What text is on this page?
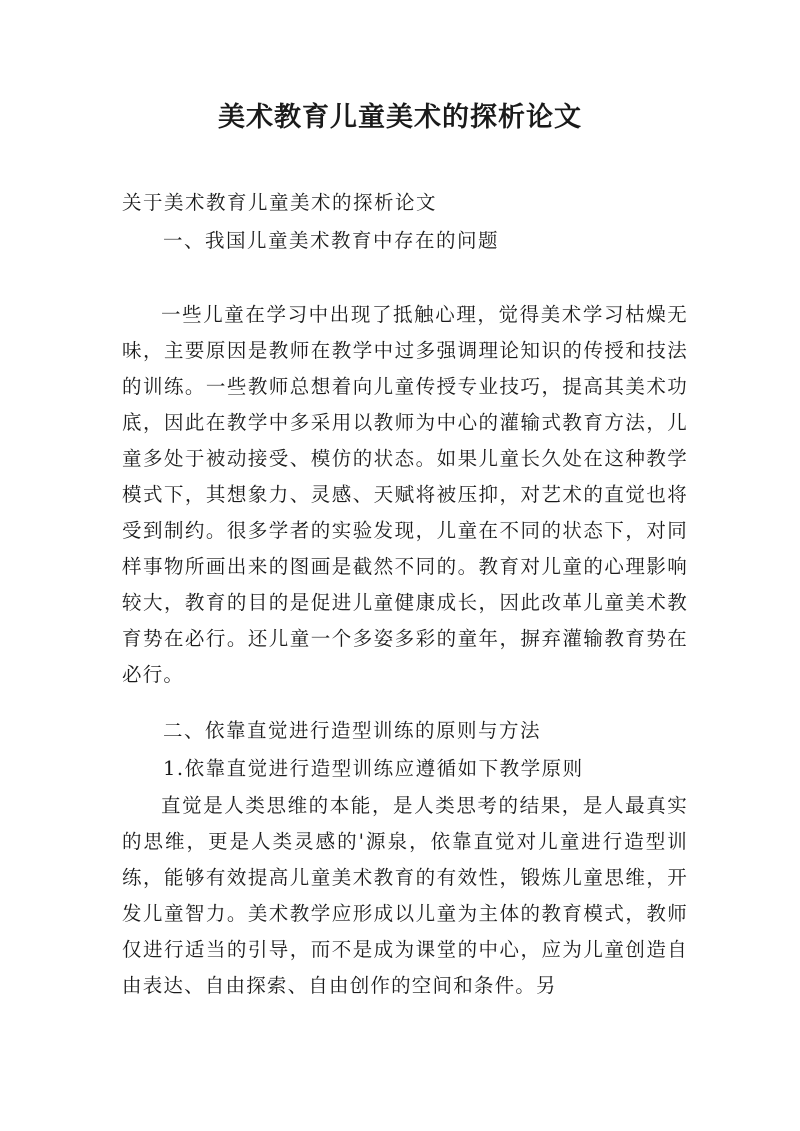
美术教育儿童美术的探析论文

关于美术教育儿童美术的探析论文

一、我国儿童美术教育中存在的问题

一些儿童在学习中出现了抵触心理，觉得美术学习枯燥无味，主要原因是教师在教学中过多强调理论知识的传授和技法的训练。一些教师总想着向儿童传授专业技巧，提高其美术功底，因此在教学中多采用以教师为中心的灌输式教育方法，儿童多处于被动接受、模仿的状态。如果儿童长久处在这种教学模式下，其想象力、灵感、天赋将被压抑，对艺术的直觉也将受到制约。很多学者的实验发现，儿童在不同的状态下，对同样事物所画出来的图画是截然不同的。教育对儿童的心理影响较大，教育的目的是促进儿童健康成长，因此改革儿童美术教育势在必行。还儿童一个多姿多彩的童年，摒弃灌输教育势在必行。

二、依靠直觉进行造型训练的原则与方法

1.依靠直觉进行造型训练应遵循如下教学原则

直觉是人类思维的本能，是人类思考的结果，是人最真实的思维，更是人类灵感的'源泉，依靠直觉对儿童进行造型训练，能够有效提高儿童美术教育的有效性，锻炼儿童思维，开发儿童智力。美术教学应形成以儿童为主体的教育模式，教师仅进行适当的引导，而不是成为课堂的中心，应为儿童创造自由表达、自由探索、自由创作的空间和条件。另
